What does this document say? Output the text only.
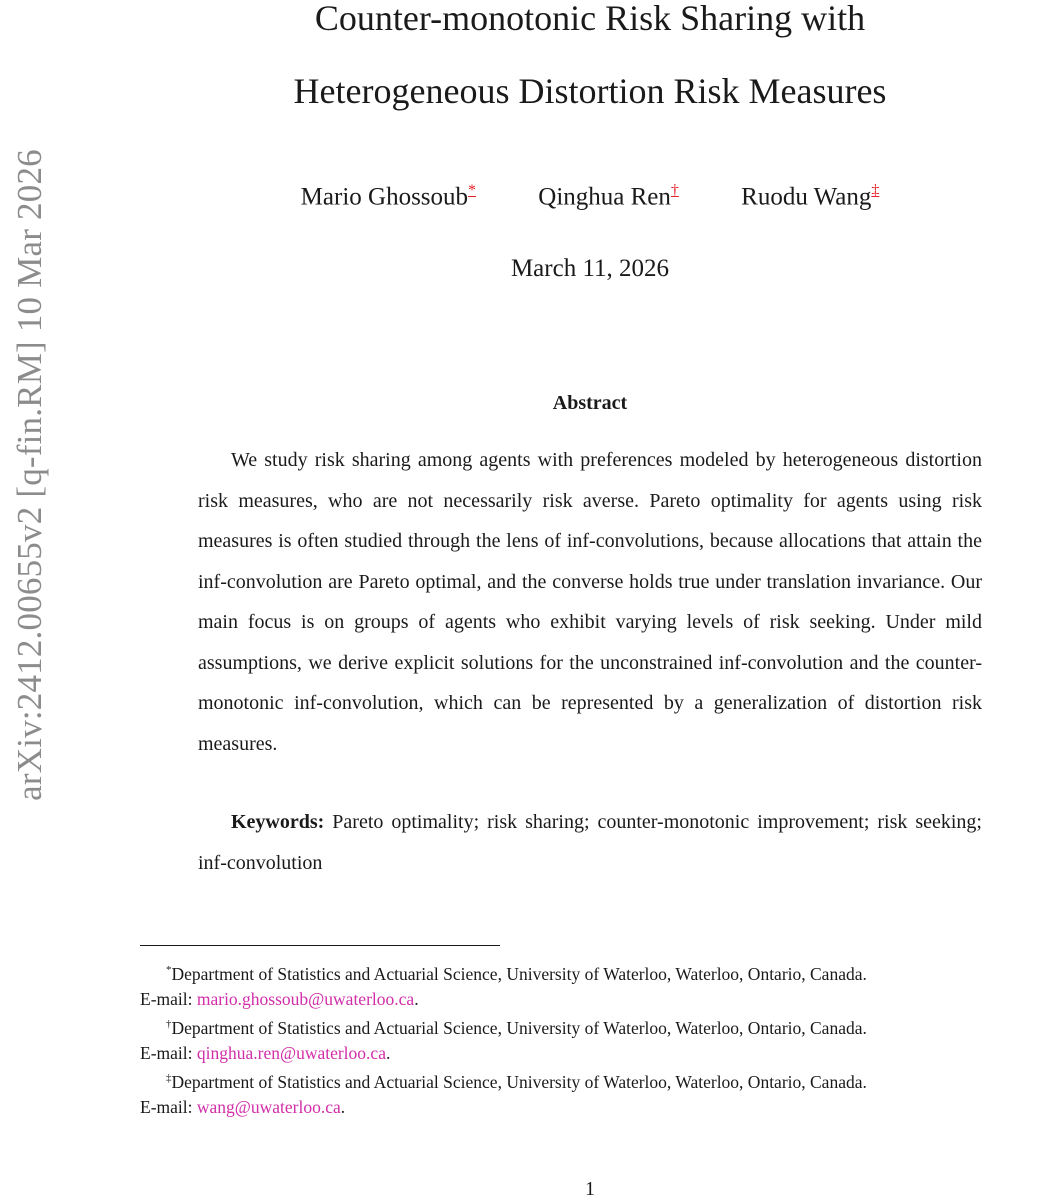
arXiv:2412.00655v2 [q-fin.RM] 10 Mar 2026
Counter-monotonic Risk Sharing with
Heterogeneous Distortion Risk Measures
Mario Ghossoub* Qinghua Ren† Ruodu Wang‡
March 11, 2026
Abstract

We study risk sharing among agents with preferences modeled by heterogeneous distortion risk measures, who are not necessarily risk averse. Pareto optimality for agents using risk measures is often studied through the lens of inf-convolutions, because allocations that attain the inf-convolution are Pareto optimal, and the converse holds true under translation invariance. Our main focus is on groups of agents who exhibit varying levels of risk seeking. Under mild assumptions, we derive explicit solutions for the unconstrained inf-convolution and the counter-monotonic inf-convolution, which can be represented by a generalization of distortion risk measures.

Keywords: Pareto optimality; risk sharing; counter-monotonic improvement; risk seeking; inf-convolution

*Department of Statistics and Actuarial Science, University of Waterloo, Waterloo, Ontario, Canada.
E-mail: mario.ghossoub@uwaterloo.ca.
†Department of Statistics and Actuarial Science, University of Waterloo, Waterloo, Ontario, Canada.
E-mail: qinghua.ren@uwaterloo.ca.
‡Department of Statistics and Actuarial Science, University of Waterloo, Waterloo, Ontario, Canada.
E-mail: wang@uwaterloo.ca.
1
